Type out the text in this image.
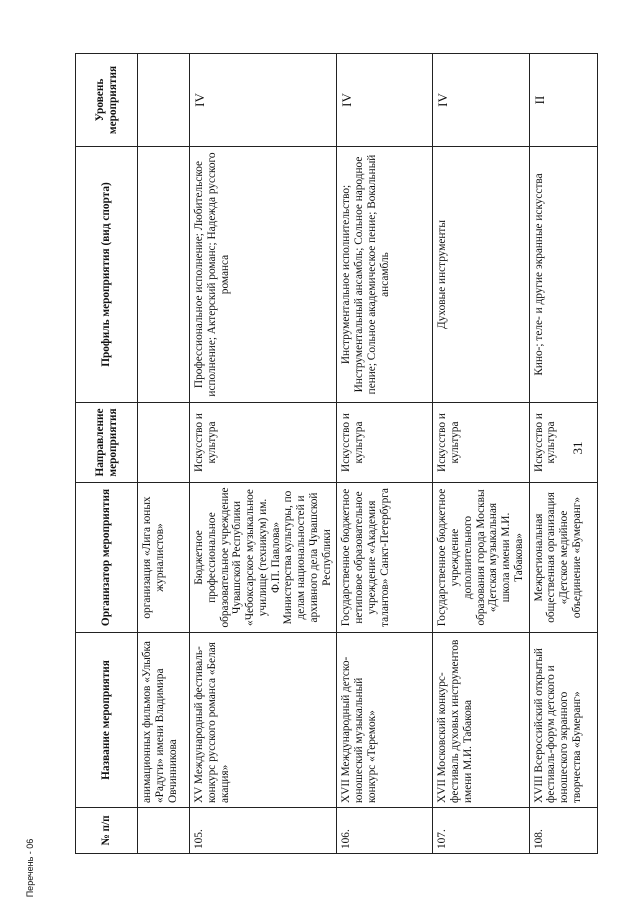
31
Перечень - 06
№ п/п	Название мероприятия	Организатор мероприятия	Направление мероприятия	Профиль мероприятия (вид спорта)	Уровень мероприятия
	анимационных фильмов «Улыбка «Радуги» имени Владимира Овчинникова	организация «Лига юных журналистов»			
105.	XV Международный фестиваль-конкурс русского романса «Белая акация»	Бюджетное профессиональное образовательное учреждение Чувашской Республики «Чебоксарское музыкальное училище (техникум) им. Ф.П. Павлова» Министерства культуры, по делам национальностей и архивного дела Чувашской Республики	Искусство и культура	Профессиональное исполнение; Любительское исполнение; Актерский романс; Надежда русского романса	IV
106.	XVII Международный детско-юношеский музыкальный конкурс «Теремок»	Государственное бюджетное нетиповое образовательное учреждение «Академия талантов» Санкт-Петербурга	Искусство и культура	Инструментальное исполнительство; Инструментальный ансамбль; Сольное народное пение; Сольное академическое пение; Вокальный ансамбль	IV
107.	XVII Московский конкурс-фестиваль духовых инструментов имени М.И. Табакова	Государственное бюджетное учреждение дополнительного образования города Москвы «Детская музыкальная школа имени М.И. Табакова»	Искусство и культура	Духовые инструменты	IV
108.	XVIII Всероссийский открытый фестиваль-форум детского и юношеского экранного творчества «Бумеранг»	Межрегиональная общественная организация «Детское медийное объединение «Бумеранг»	Искусство и культура	Кино-; теле- и другие экранные искусства	II
